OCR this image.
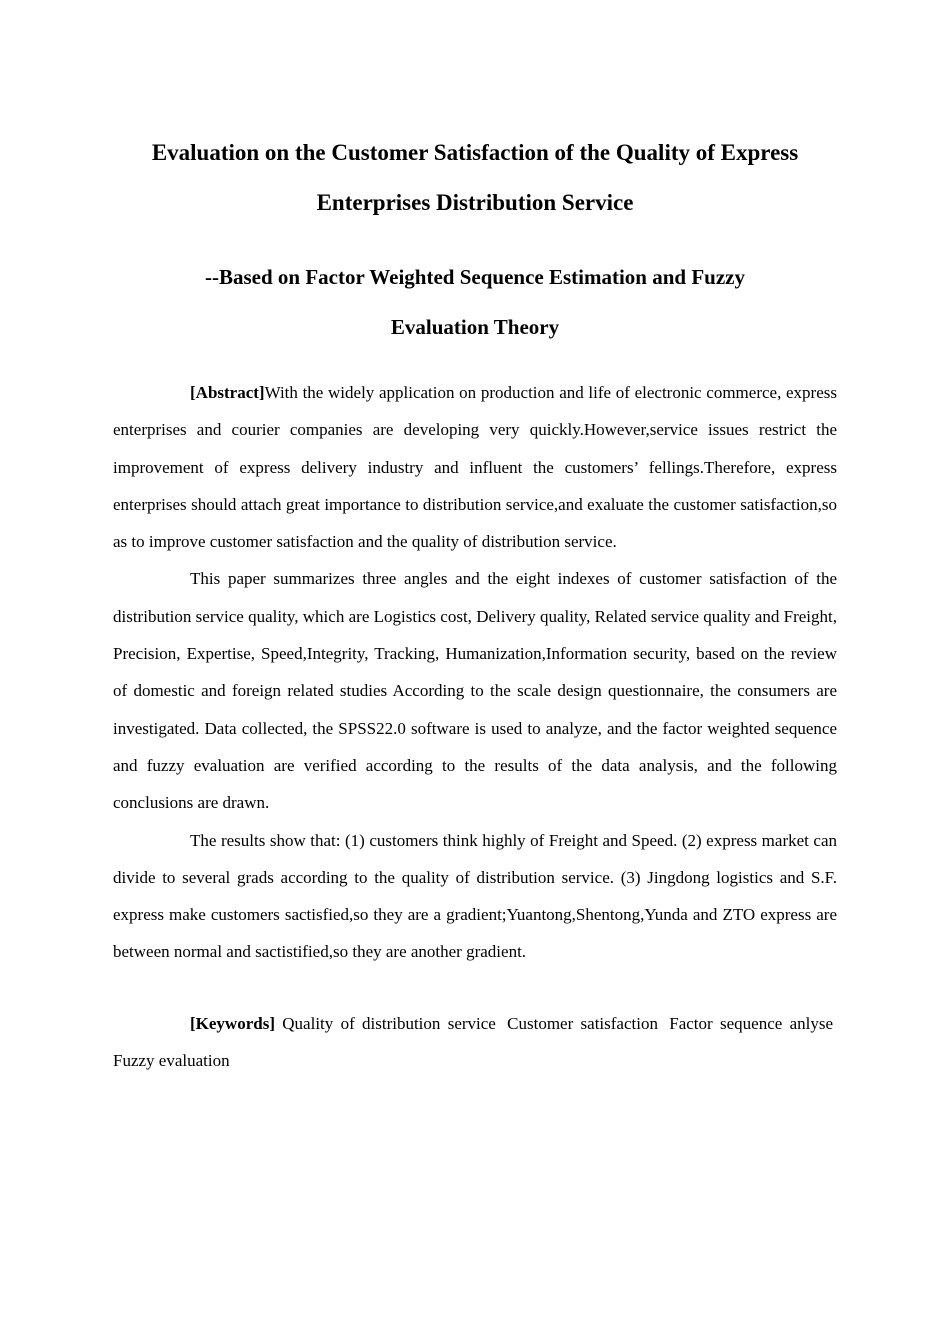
Evaluation on the Customer Satisfaction of the Quality of Express
Enterprises Distribution Service
--Based on Factor Weighted Sequence Estimation and Fuzzy
Evaluation Theory

[Abstract]With the widely application on production and life of electronic commerce, express enterprises and courier companies are developing very quickly.However,service issues restrict the improvement of express delivery industry and influent the customers’ fellings.Therefore, express enterprises should attach great importance to distribution service,and exaluate the customer satisfaction,so as to improve customer satisfaction and the quality of distribution service.

This paper summarizes three angles and the eight indexes of customer satisfaction of the distribution service quality, which are Logistics cost, Delivery quality, Related service quality and Freight, Precision, Expertise, Speed,Integrity, Tracking, Humanization,Information security, based on the review of domestic and foreign related studies According to the scale design questionnaire, the consumers are investigated. Data collected, the SPSS22.0 software is used to analyze, and the factor weighted sequence and fuzzy evaluation are verified according to the results of the data analysis, and the following conclusions are drawn.

The results show that: (1) customers think highly of Freight and Speed. (2) express market can divide to several grads according to the quality of distribution service. (3) Jingdong logistics and S.F. express make customers sactisfied,so they are a gradient;Yuantong,Shentong,Yunda and ZTO express are between normal and sactistified,so they are another gradient.

[Keywords] Quality of distribution service Customer satisfaction Factor sequence anlyse Fuzzy evaluation
